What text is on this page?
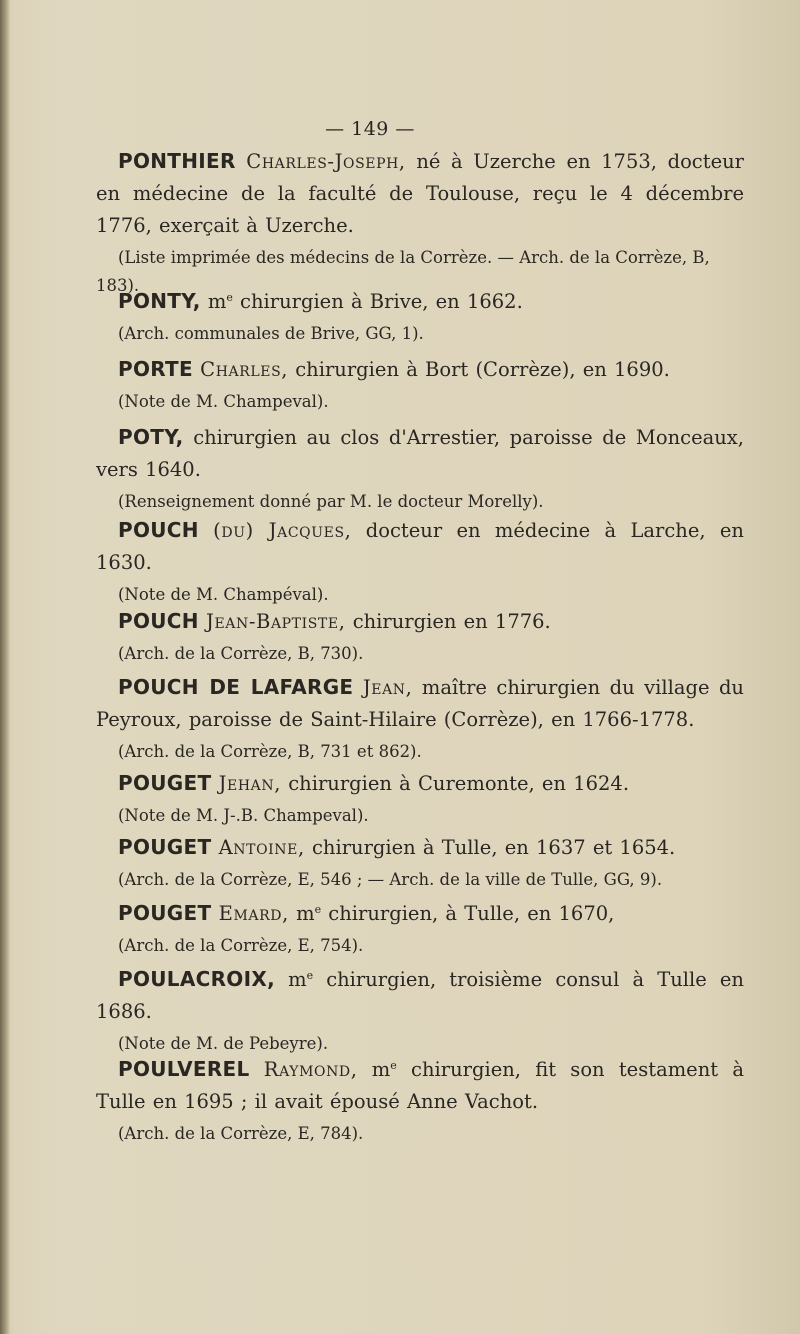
— 149 —

PONTHIER Charles-Joseph, né à Uzerche en 1753, docteur en médecine de la faculté de Toulouse, reçu le 4 décembre 1776, exerçait à Uzerche.

(Liste imprimée des médecins de la Corrèze. — Arch. de la Corrèze, B, 183).

PONTY, $m^e$ chirurgien à Brive, en 1662.

(Arch. communales de Brive, GG, 1).

PORTE Charles, chirurgien à Bort (Corrèze), en 1690.

(Note de M. Champeval).

POTY, chirurgien au clos d'Arrestier, paroisse de Monceaux, vers 1640.

(Renseignement donné par M. le docteur Morelly).

POUCH (du) Jacques, docteur en médecine à Larche, en 1630.

(Note de M. Champéval).

POUCH Jean-Baptiste, chirurgien en 1776.

(Arch. de la Corrèze, B, 730).

POUCH DE LAFARGE Jean, maître chirurgien du village du Peyroux, paroisse de Saint-Hilaire (Corrèze), en 1766-1778.

(Arch. de la Corrèze, B, 731 et 862).

POUGET Jehan, chirurgien à Curemonte, en 1624.

(Note de M. J-.B. Champeval).

POUGET Antoine, chirurgien à Tulle, en 1637 et 1654.

(Arch. de la Corrèze, E, 546 ; — Arch. de la ville de Tulle, GG, 9).

POUGET Emard, $m^e$ chirurgien, à Tulle, en 1670,

(Arch. de la Corrèze, E, 754).

POULACROIX, $m^e$ chirurgien, troisième consul à Tulle en 1686.

(Note de M. de Pebeyre).

POULVEREL Raymond, $m^e$ chirurgien, fit son testament à Tulle en 1695 ; il avait épousé Anne Vachot.

(Arch. de la Corrèze, E, 784).
